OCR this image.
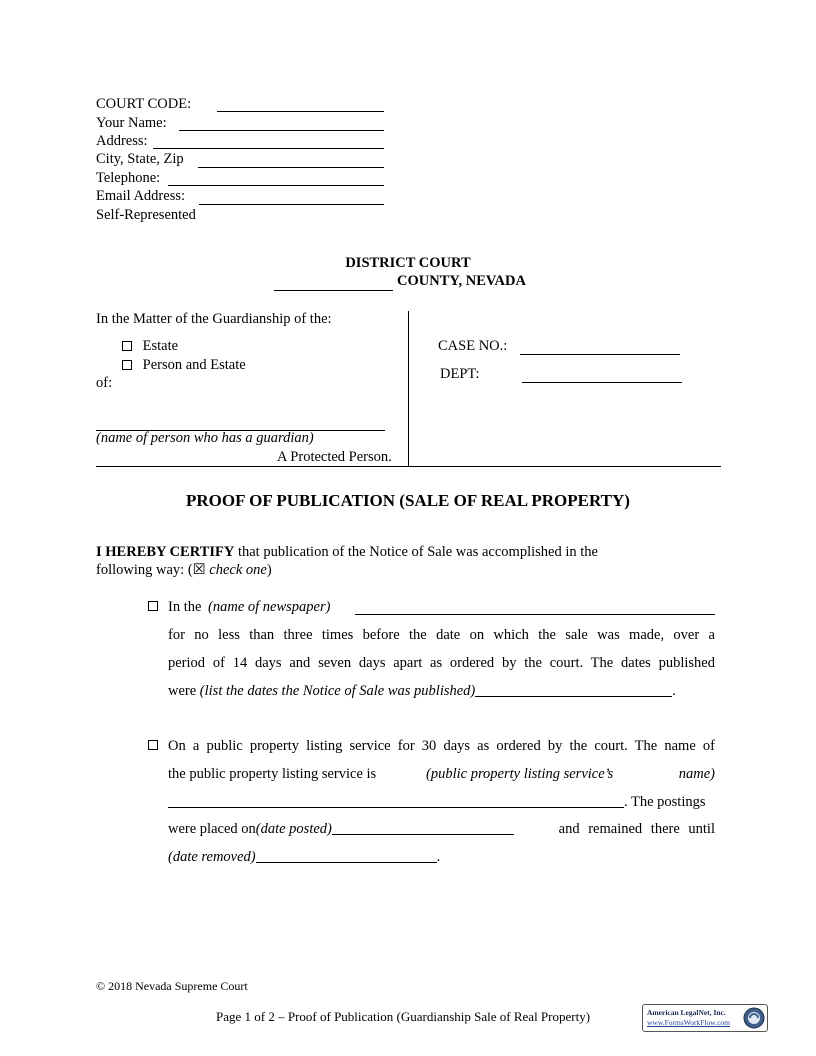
COURT CODE:
Your Name:
Address:
City, State, Zip
Telephone:
Email Address:
Self-Represented
DISTRICT COURT
COUNTY, NEVADA
In the Matter of the Guardianship of the:
Estate
Person and Estate
of:
(name of person who has a guardian)
A Protected Person.
CASE NO.:
DEPT:
PROOF OF PUBLICATION (SALE OF REAL PROPERTY)
I HEREBY CERTIFY that publication of the Notice of Sale was accomplished in the
following way: (☒ check one)
In the (name of newspaper)
for no less than three times before the date on which the sale was made, over a
period of 14 days and seven days apart as ordered by the court. The dates published
were (list the dates the Notice of Sale was published)	.
On a public property listing service for 30 days as ordered by the court. The name of
the public property listing service is	(public property listing service’s	name)
. The postings
were placed on(date posted)	and remained there until
(date removed)	.
© 2018 Nevada Supreme Court
Page 1 of 2 – Proof of Publication (Guardianship Sale of Real Property)	American LegalNet, Inc.
www.FormsWorkFlow.com
